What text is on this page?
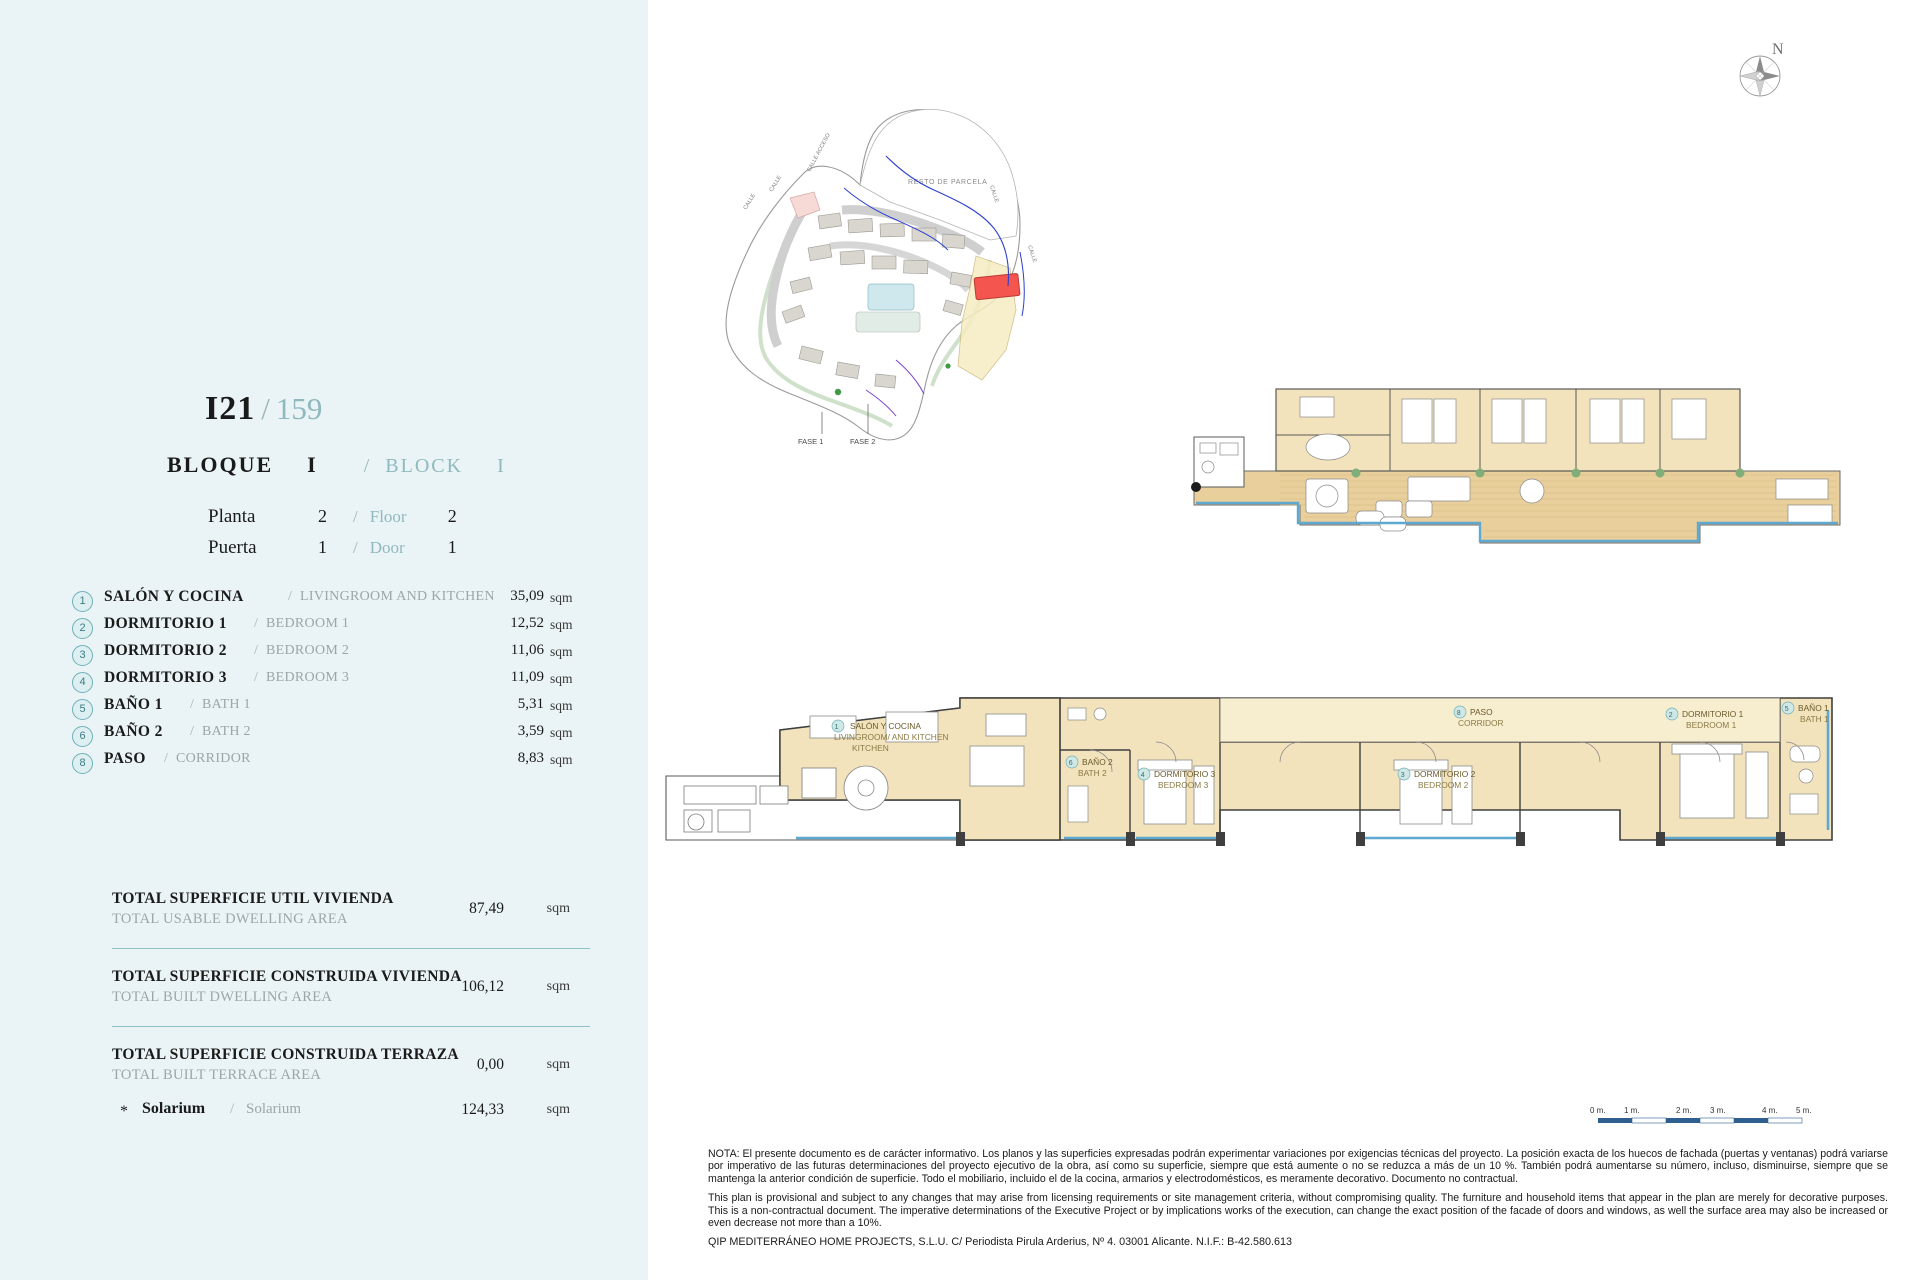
I21 / 159
BLOQUE I / BLOCK I
Planta	2 / Floor 2
Puerta	1 / Door 1
1	SALÓN Y COCINA	/ LIVINGROOM AND KITCHEN	35,09 sqm
2	DORMITORIO 1 / BEDROOM 1	12,52 sqm
3	DORMITORIO 2 / BEDROOM 2	11,06 sqm
4	DORMITORIO 3 / BEDROOM 3	11,09 sqm
5	BAÑO 1 / BATH 1	5,31 sqm
6	BAÑO 2 / BATH 2	3,59 sqm
8	PASO / CORRIDOR	8,83 sqm
TOTAL SUPERFICIE UTIL VIVIENDA
TOTAL USABLE DWELLING AREA
87,49	sqm
TOTAL SUPERFICIE CONSTRUIDA VIVIENDA
TOTAL BUILT DWELLING AREA
106,12	sqm
TOTAL SUPERFICIE CONSTRUIDA TERRAZA
TOTAL BUILT TERRACE AREA
0,00	sqm
* Solarium / Solarium	124,33	sqm
RESTO DE PARCELA
FASE 1	FASE 2
CALLE
CALLE
CALLE ACCESO
CALLE
CALLE
N
1 SALÓN Y COCINA
LIVINGROOM/ AND KITCHEN
KITCHEN
6 BAÑO 2
BATH 2	4 DORMITORIO 3
BEDROOM 3
8 PASO
CORRIDOR
3 DORMITORIO 2
BEDROOM 2
2 DORMITORIO 1
BEDROOM 1
5 BAÑO 1
BATH 1
0 m. 1 m.	2 m. 3 m.	4 m. 5 m.

NOTA: El presente documento es de carácter informativo. Los planos y las superficies expresadas podrán experimentar variaciones por exigencias técnicas del proyecto. La posición exacta de los huecos de fachada (puertas y ventanas) podrá variarse por imperativo de las futuras determinaciones del proyecto ejecutivo de la obra, así como su superficie, siempre que está aumente o no se reduzca a más de un 10 %. También podrá aumentarse su número, incluso, disminuirse, siempre que se mantenga la anterior condición de superficie. Todo el mobiliario, incluido el de la cocina, armarios y electrodomésticos, es meramente decorativo. Documento no contractual.

This plan is provisional and subject to any changes that may arise from licensing requirements or site management criteria, without compromising quality. The furniture and household items that appear in the plan are merely for decorative purposes. This is a non-contractual document. The imperative determinations of the Executive Project or by implications works of the execution, can change the exact position of the facade of doors and windows, as well the surface area may also be increased or even decrease not more than a 10%.

QIP MEDITERRÁNEO HOME PROJECTS, S.L.U. C/ Periodista Pirula Arderius, Nº 4. 03001 Alicante. N.I.F.: B-42.580.613
